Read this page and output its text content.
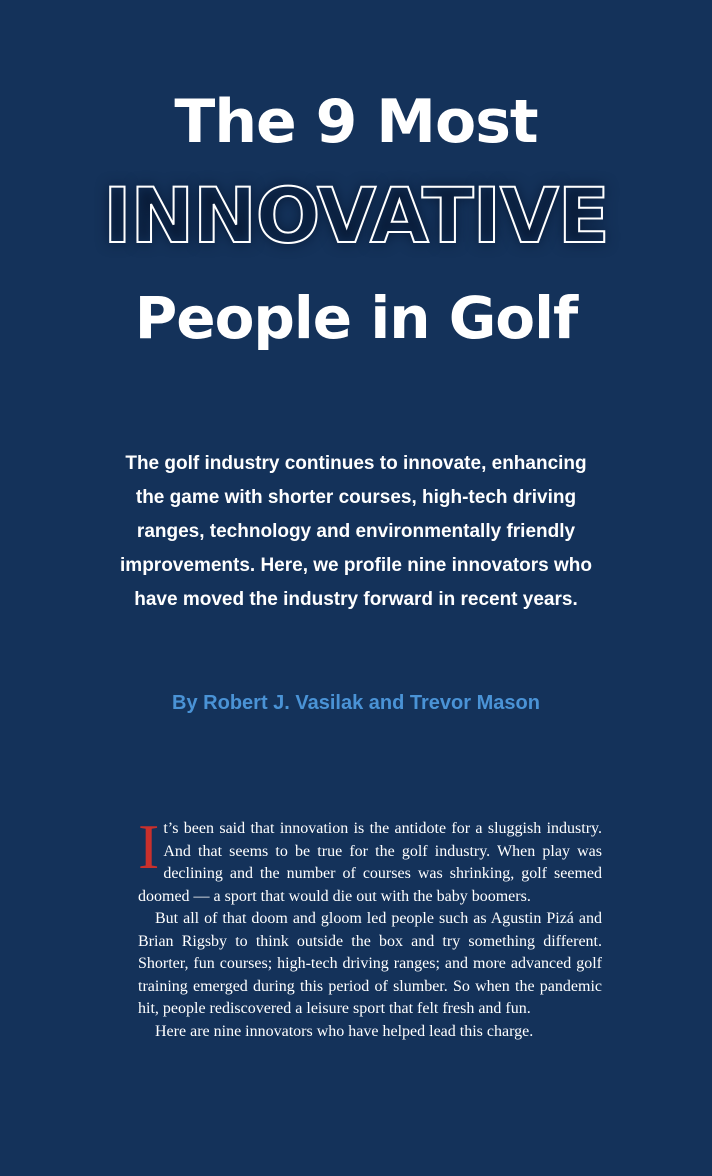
The 9 Most
INNOVATIVE
People in Golf
The golf industry continues to innovate, enhancing the game with shorter courses, high-tech driving ranges, technology and environmentally friendly improvements. Here, we profile nine innovators who have moved the industry forward in recent years.
By Robert J. Vasilak and Trevor Mason

It’s been said that innovation is the antidote for a sluggish industry. And that seems to be true for the golf industry. When play was declining and the number of courses was shrinking, golf seemed doomed — a sport that would die out with the baby boomers.

But all of that doom and gloom led people such as Agustin Pizá and Brian Rigsby to think outside the box and try something different. Shorter, fun courses; high-tech driving ranges; and more advanced golf training emerged during this period of slumber. So when the pandemic hit, people rediscovered a leisure sport that felt fresh and fun.

Here are nine innovators who have helped lead this charge.
